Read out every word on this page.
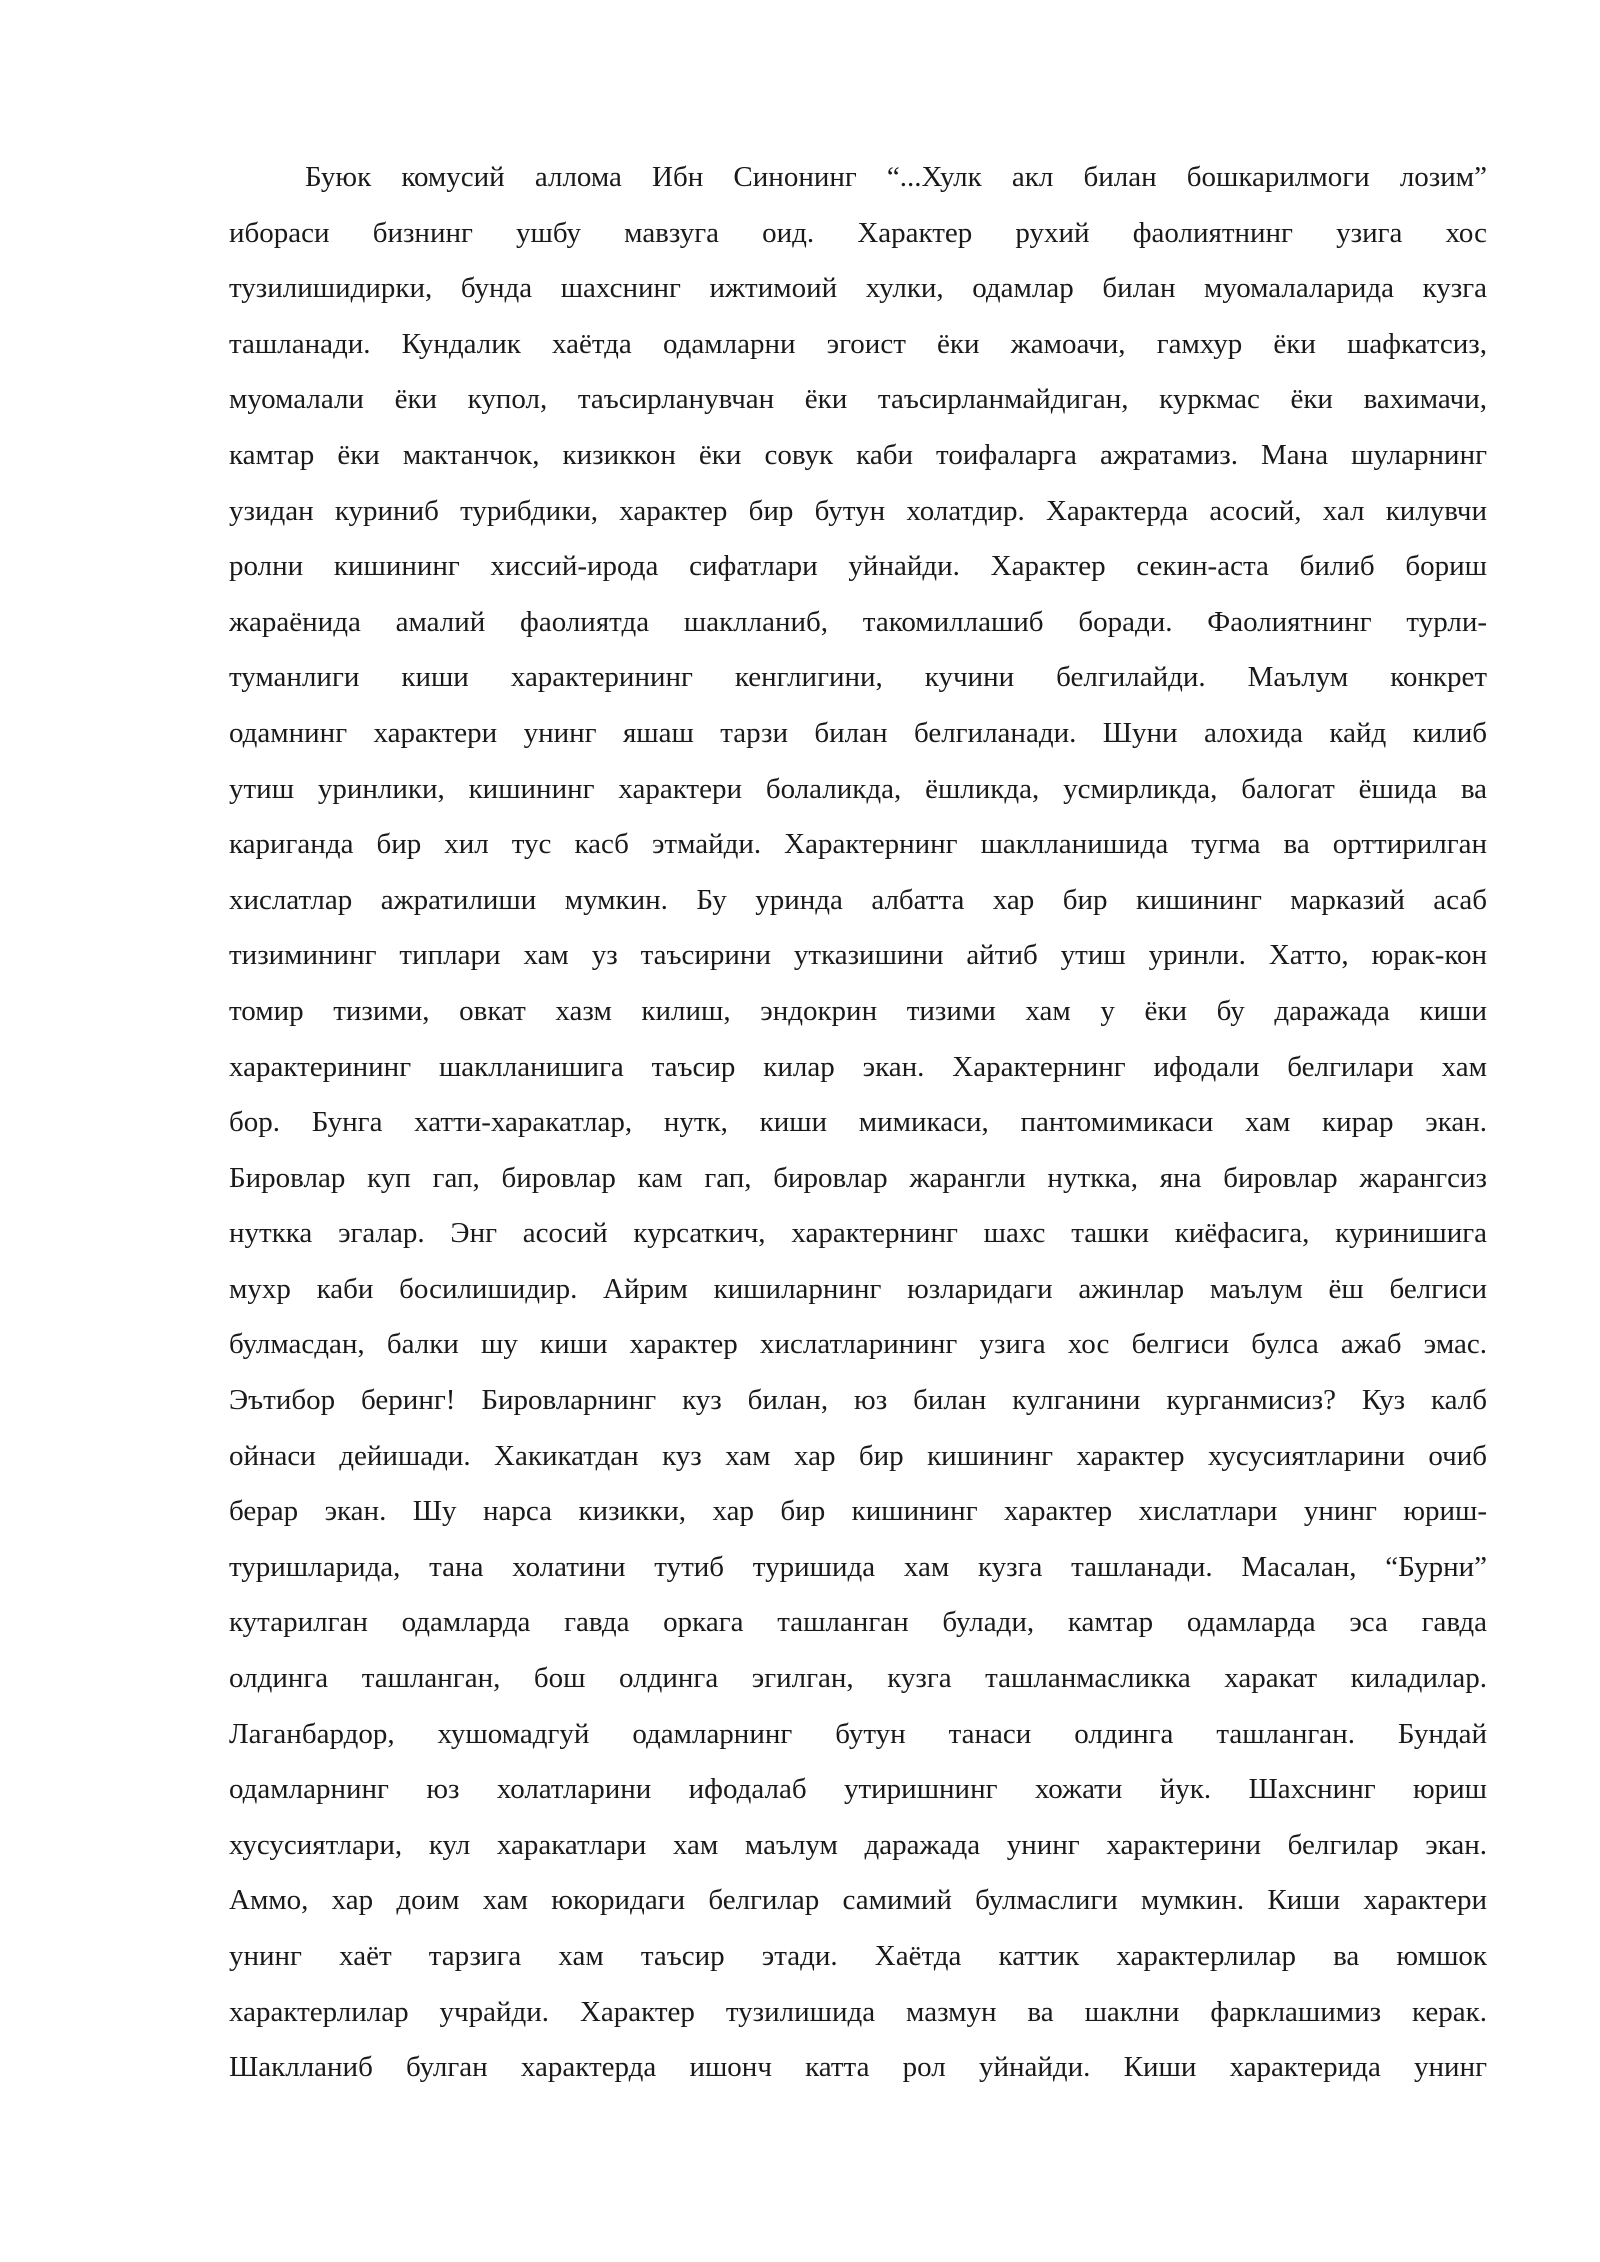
Буюк комусий аллома Ибн Синонинг “...Хулк акл билан бошкарилмоги лозим”
ибораси бизнинг ушбу мавзуга оид. Характер рухий фаолиятнинг узига хос
тузилишидирки, бунда шахснинг ижтимоий хулки, одамлар билан муомалаларида кузга
ташланади. Кундалик хаётда одамларни эгоист ёки жамоачи, гамхур ёки шафкатсиз,
муомалали ёки купол, таъсирланувчан ёки таъсирланмайдиган, куркмас ёки вахимачи,
камтар ёки мактанчок, кизиккон ёки совук каби тоифаларга ажратамиз. Мана шуларнинг
узидан куриниб турибдики, характер бир бутун холатдир. Характерда асосий, хал килувчи
ролни кишининг хиссий-ирода сифатлари уйнайди. Характер секин-аста билиб бориш
жараёнида амалий фаолиятда шаклланиб, такомиллашиб боради. Фаолиятнинг турли-
туманлиги киши характерининг кенглигини, кучини белгилайди. Маълум конкрет
одамнинг характери унинг яшаш тарзи билан белгиланади. Шуни алохида кайд килиб
утиш уринлики, кишининг характери болаликда, ёшликда, усмирликда, балогат ёшида ва
кариганда бир хил тус касб этмайди. Характернинг шаклланишида тугма ва орттирилган
хислатлар ажратилиши мумкин. Бу уринда албатта хар бир кишининг марказий асаб
тизимининг типлари хам уз таъсирини утказишини айтиб утиш уринли. Хатто, юрак-кон
томир тизими, овкат хазм килиш, эндокрин тизими хам у ёки бу даражада киши
характерининг шаклланишига таъсир килар экан. Характернинг ифодали белгилари хам
бор. Бунга хатти-харакатлар, нутк, киши мимикаси, пантомимикаси хам кирар экан.
Бировлар куп гап, бировлар кам гап, бировлар жарангли нуткка, яна бировлар жарангсиз
нуткка эгалар. Энг асосий курсаткич, характернинг шахс ташки киёфасига, куринишига
мухр каби босилишидир. Айрим кишиларнинг юзларидаги ажинлар маълум ёш белгиси
булмасдан, балки шу киши характер хислатларининг узига хос белгиси булса ажаб эмас.
Эътибор беринг! Бировларнинг куз билан, юз билан кулганини курганмисиз? Куз калб
ойнаси дейишади. Хакикатдан куз хам хар бир кишининг характер хусусиятларини очиб
берар экан. Шу нарса кизикки, хар бир кишининг характер хислатлари унинг юриш-
туришларида, тана холатини тутиб туришида хам кузга ташланади. Масалан, “Бурни”
кутарилган одамларда гавда оркага ташланган булади, камтар одамларда эса гавда
олдинга ташланган, бош олдинга эгилган, кузга ташланмасликка харакат киладилар.
Лаганбардор, хушомадгуй одамларнинг бутун танаси олдинга ташланган. Бундай
одамларнинг юз холатларини ифодалаб утиришнинг хожати йук. Шахснинг юриш
хусусиятлари, кул харакатлари хам маълум даражада унинг характерини белгилар экан.
Аммо, хар доим хам юкоридаги белгилар самимий булмаслиги мумкин. Киши характери
унинг хаёт тарзига хам таъсир этади. Хаётда каттик характерлилар ва юмшок
характерлилар учрайди. Характер тузилишида мазмун ва шаклни фарклашимиз керак.
Шаклланиб булган характерда ишонч катта рол уйнайди. Киши характерида унинг
